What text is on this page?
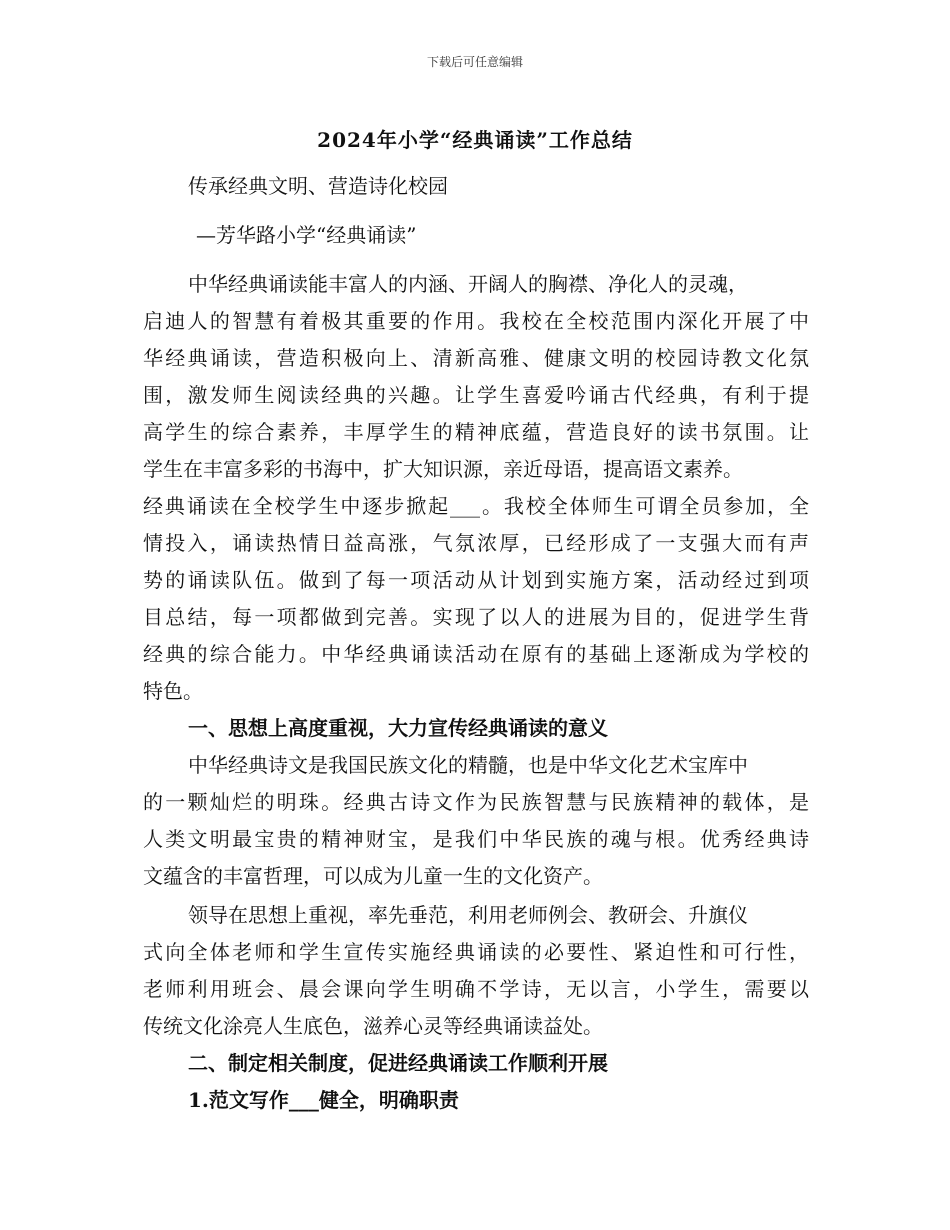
下载后可任意编辑
2024年小学“经典诵读”工作总结
传承经典文明、营造诗化校园
—芳华路小学“经典诵读”
中华经典诵读能丰富人的内涵、开阔人的胸襟、净化人的灵魂，
启迪人的智慧有着极其重要的作用。我校在全校范围内深化开展了中
华经典诵读，营造积极向上、清新高雅、健康文明的校园诗教文化氛
围，激发师生阅读经典的兴趣。让学生喜爱吟诵古代经典，有利于提
高学生的综合素养，丰厚学生的精神底蕴，营造良好的读书氛围。让
学生在丰富多彩的书海中，扩大知识源，亲近母语，提高语文素养。
经典诵读在全校学生中逐步掀起___。我校全体师生可谓全员参加，全
情投入，诵读热情日益高涨，气氛浓厚，已经形成了一支强大而有声
势的诵读队伍。做到了每一项活动从计划到实施方案，活动经过到项
目总结，每一项都做到完善。实现了以人的进展为目的，促进学生背
经典的综合能力。中华经典诵读活动在原有的基础上逐渐成为学校的
特色。
一、思想上高度重视，大力宣传经典诵读的意义
中华经典诗文是我国民族文化的精髓，也是中华文化艺术宝库中
的一颗灿烂的明珠。经典古诗文作为民族智慧与民族精神的载体，是
人类文明最宝贵的精神财宝，是我们中华民族的魂与根。优秀经典诗
文蕴含的丰富哲理，可以成为儿童一生的文化资产。
领导在思想上重视，率先垂范，利用老师例会、教研会、升旗仪
式向全体老师和学生宣传实施经典诵读的必要性、紧迫性和可行性，
老师利用班会、晨会课向学生明确不学诗，无以言，小学生，需要以
传统文化涂亮人生底色，滋养心灵等经典诵读益处。
二、制定相关制度，促进经典诵读工作顺利开展
1.范文写作___健全，明确职责
